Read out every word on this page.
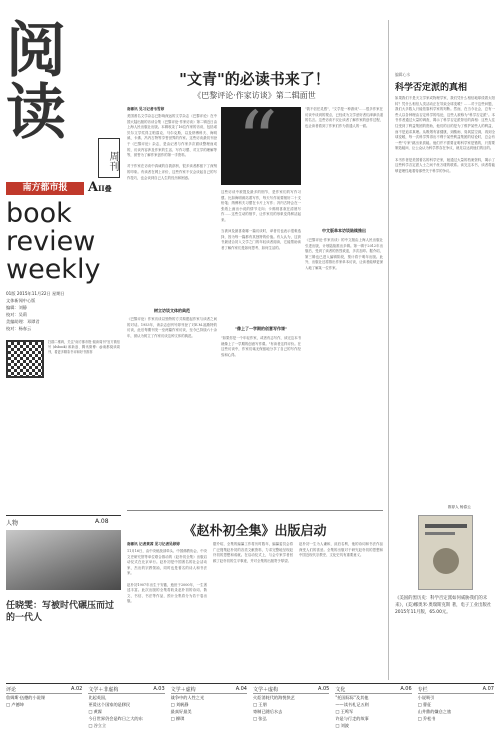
阅读
周刊
南方都市报	AII叠
book
review
weekly
01版 2015年11月22日 星期日
文体新闻中心版
编辑：刘静
校对：吴莉
美编助理：邓谭君
校对：杨春云
扫描二维码，关注"南方都市报-阅读周刊"官方微信号 (dsbook) 和新浪、腾讯微博：@南都阅读周刊，看更多精彩书评和好书推荐
人物	A.08
任晓雯：写被时代碾压而过的一代人
"文青"的必读书来了！
《巴黎评论·作家访谈》第二辑面世
南都讯 见习记者韦雪婷
美国著名文学杂志已影响深远的文学杂志《巴黎评论》在中国大陆出版的访谈合集《巴黎评论·作家访谈》第二辑近日由上海人民出版社出版。本辑收录了16位作家的访谈，包括诺贝尔文学奖得主帕慕克、马尔克斯，以及纳博科夫、海明威、卡佛、冯内古特等享誉世界的作家。这些访谈最初刊登于《巴黎评论》杂志，是由记者与作家多次面谈整理而成的，访谈内容涉及作家的生活、写作习惯、对文学的理解等等，被誉为了解作家创作的第一手资料。

对于作家在访谈中真诚的自我剖析，很多读者都留下了深刻的印象。有读者在网上评价，这些作家不仅会谈起自己的写作技巧，也会谈到自己人生的经历和困惑。
树立访谈文体的典范
《巴黎评论》作家访谈以独特的方式构建起作家与读者之间的对话。1953年，该杂志创刊号即刊登了对E.M.福斯特的访谈，此后每期刊发一至两篇作家访谈，至今已持续六十余年，被认为树立了作家访谈这种文体的典范。
“
这些访谈中被提及最多的细节，是作家们的写作习惯。比如海明威站着写作，每天写作前要削好二十支铅笔；纳博科夫习惯在卡片上写作；冯内古特会在一张纸上画出小说的情节走向；卡佛则喜欢在清晨写作……这些生动的细节，让作家们的形象变得鲜活起来。

当被问及最喜欢哪一篇访谈时，译者们也表示很难选择，因为每一篇都有其独特的价值。有人认为，这套书最适合初入文学之门的年轻读者阅读，它能帮助读者了解作家们是如何思考、如何生活的。
"像上了一学期的创意写作课"
"如果你是一个年轻作家，或者有志写作，读完这本书就像上了一学期的创意写作课。"有读者这样评价。在这些访谈中，作家们毫无保留地分享了自己的写作经验和心得。
"我不信任灵感"，"文学是一种游戏"……很多作家在访谈中谈到的观点，已经成为文学爱好者们津津乐道的名言。这些访谈不仅让读者了解作家的创作过程，也让读者看到了作家们作为普通人的一面。
中文版单本访谈陆续推出
《巴黎评论·作家访谈》的中文版由上海人民出版社引进出版，计划陆续推出多辑。第一辑于2012年出版后，受到了读者的热烈欢迎，多次加印。据介绍，第三辑也已进入编辑阶段，预计将于明年出版。此外，出版社还将推出作家单本访谈，让读者能够更深入地了解某一位作家。
《赵朴初全集》出版启动
南都讯 记者黄茜 见习记者吴婷婷
11月16日，由中央统战部牵头、中国佛教协会、中央文史研究馆等单位联合推动的《赵朴初全集》出版启动仪式在北京举行。赵朴初是中国著名的社会活动家、杰出的宗教领袖，同时也是著名的诗人和书法家。

赵朴初1907年出生于安徽，逝世于2000年，一生著述丰富。此次出版的全集将收录赵朴初的诗词、散文、书信、书法等作品，预计全集将分为若干卷出版。
据介绍，全集的编纂工作将历时数年，编纂委员会将广泛搜集赵朴初的各类文献资料，力求完整地呈现赵朴初的思想和成就。在启动仪式上，与会专家学者回顾了赵朴初的生平事迹，并对全集的出版寄予厚望。
赵朴初一生为人谦和，淡泊名利，他的诗词和书法作品深受人们的喜爱。全集的出版对于研究赵朴初的思想和中国近现代宗教史、文化史具有重要意义。
编辑心水
科学否定派的真相
如果我们不是天文学家或物理学家，我们凭什么相信地球绕着太阳转？凭什么相信人类活动正在导致全球变暖？……对于这些问题，我们大多数人只能依靠科学家的判断。然而，在当今社会，总有一些人以各种理由否定科学的结论，这些人被称为"科学否定派"。本书作者通过大量的调查，揭示了科学否定派背后的真相：这些人往往受到了利益集团的资助，他们的目的是为了维护某些人的利益，而不是追求真理。从吸烟有害健康，到酸雨、臭氧层空洞，再到全球变暖，每一次科学界得出不利于某些利益集团的结论时，总会有一些"专家"跳出来质疑。他们并不需要证明科学家是错的，只需要制造疑问，让公众认为科学界存在争议，就足以达到他们的目的。

本书作者是美国著名的科学史家，她通过大量的档案资料，揭示了这些科学否定派人士之间千丝万缕的联系。读完这本书，读者将能够更理性地看待那些关于科学的争议。
推荐人 杨春云
《美国的黑历史：科学否定派如何威胁我们的未来》，(美)娜奥米·奥瑞斯克斯 著，电子工业出版社2015年11月版，65.00元。
评论	A.02
詹姆斯·伍德的小说课
□ 卢德坤
文学＋非虚构	A.03
比起英国，
更爱这个国家的是移民
□ 黄霖
今日世界仍会是昨日之大的东
□ 谷立立
文学＋虚构	A.04
战争中的人性之光
□ 刘帆静
最真好最美
□ 柳琪
文学＋虚构	A.05
火炬消耗代的海悦快艺
□ 王朋
寄制已随后水去
□ 张弘
文化	A.06
"托国际际"及其他
——读书札记五则
□ 王鸣军
许是与行走的故事
□ 刘波
专栏	A.07
小说吸引
□ 曹征
山井鼎的嫌仓之旅
□ 乔松书
